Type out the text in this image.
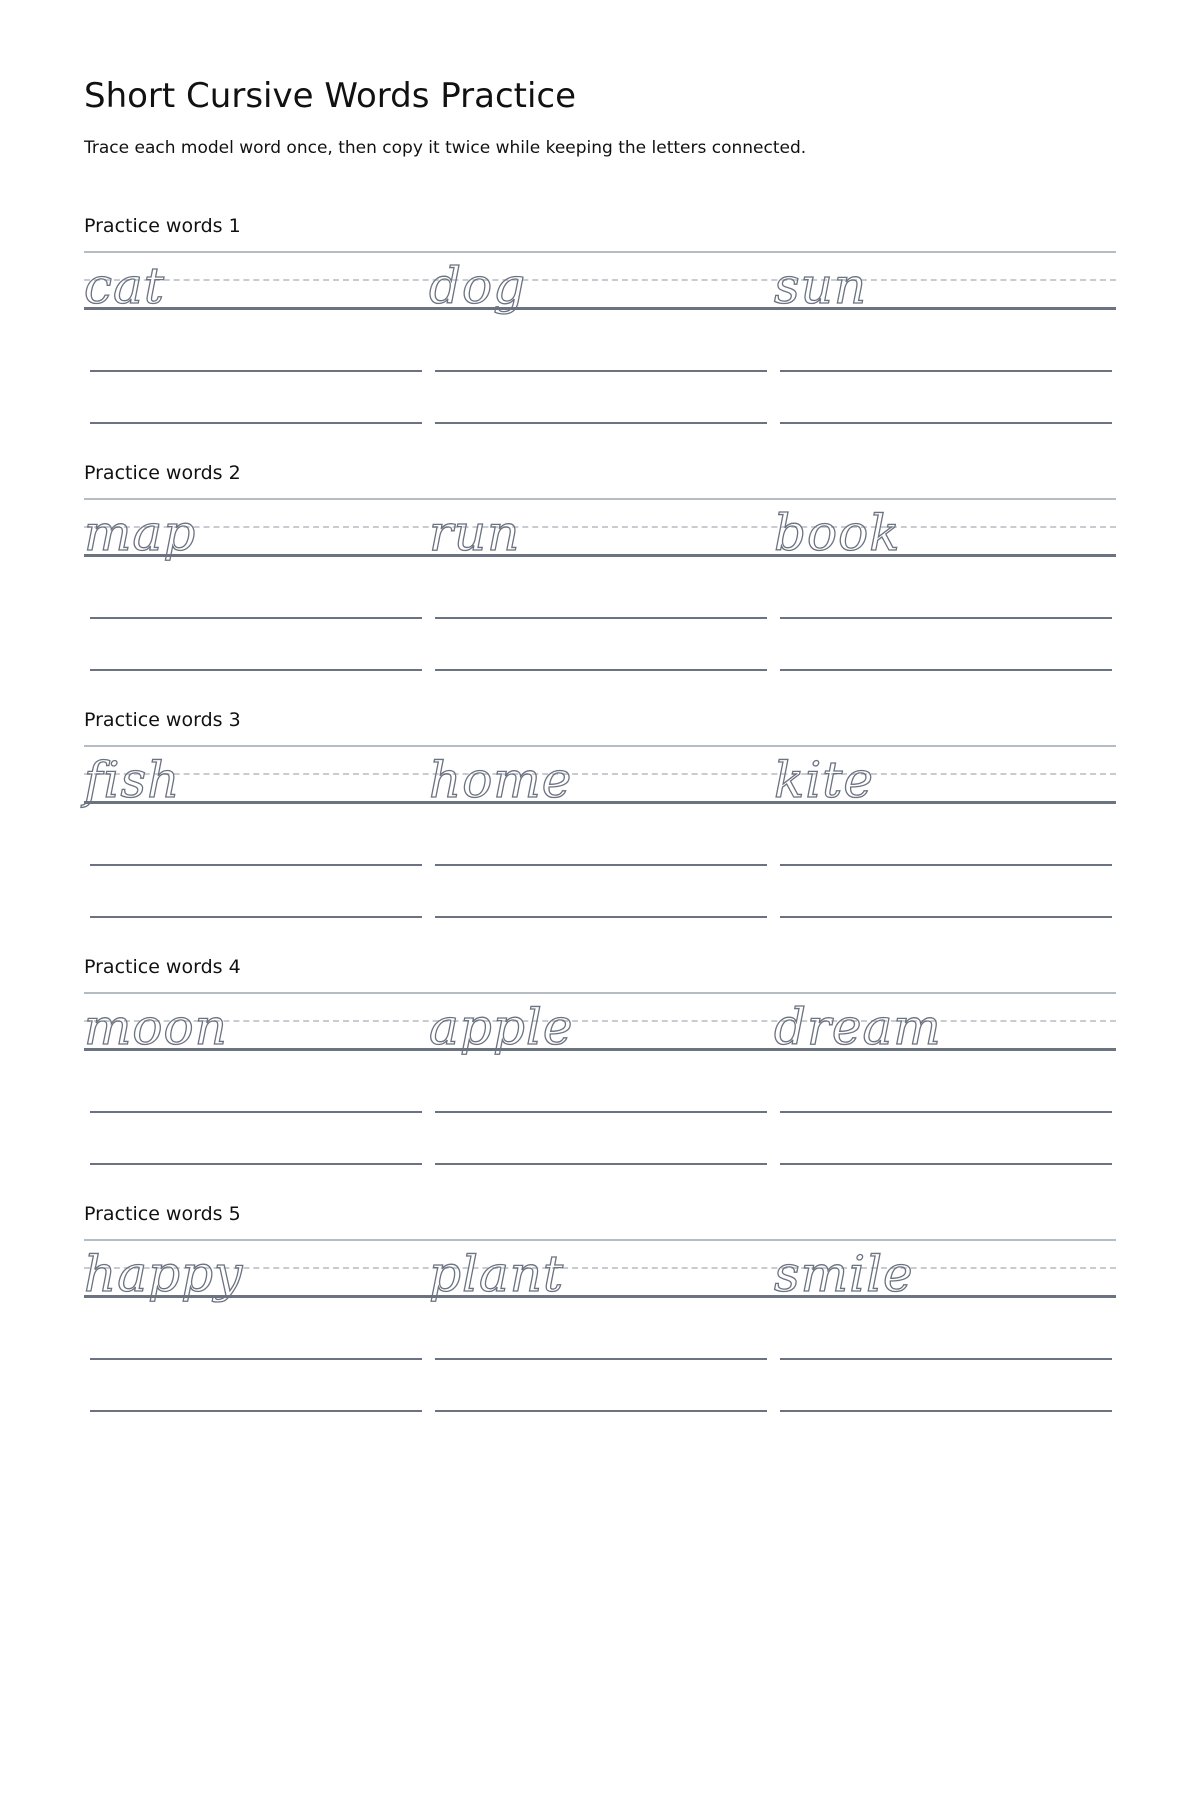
Short Cursive Words Practice

Trace each model word once, then copy it twice while keeping the letters connected.

Practice words 1
cat	dog	sun
Practice words 2
map	run	book
Practice words 3
fish	home	kite
Practice words 4
moon	apple	dream
Practice words 5
happy	plant	smile
